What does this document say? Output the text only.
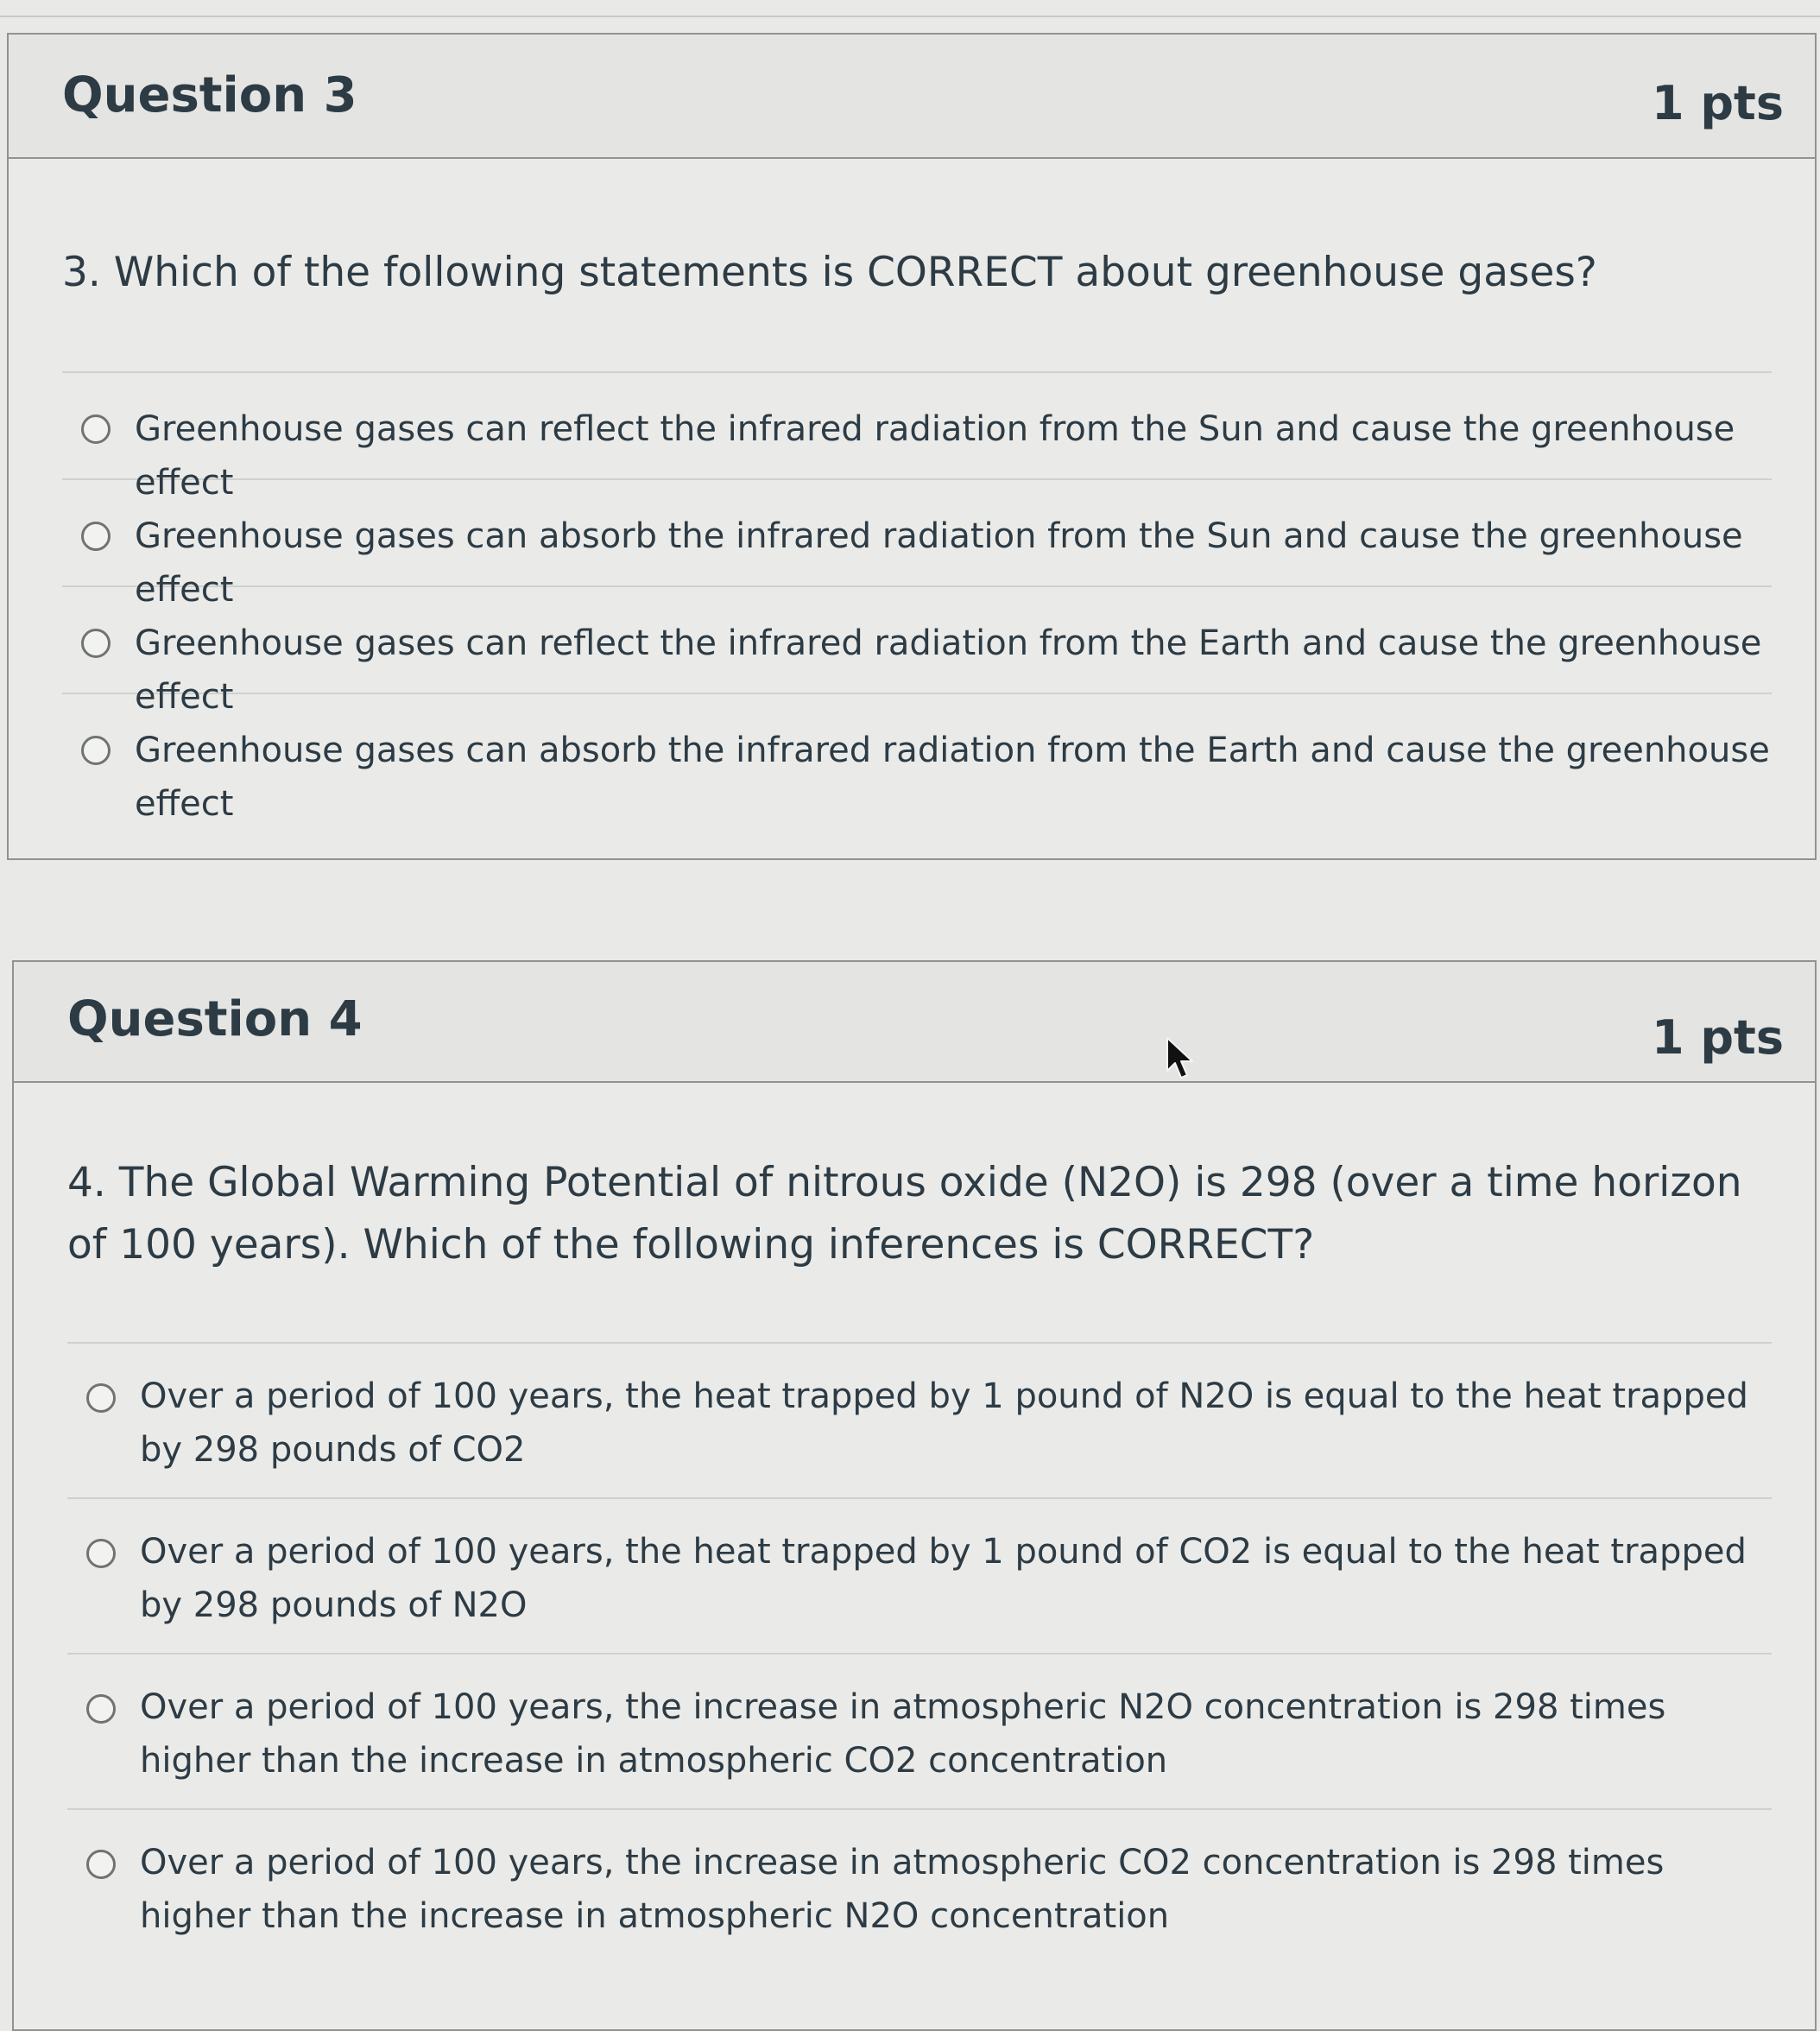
Question 3	1 pts
3. Which of the following statements is CORRECT about greenhouse gases?
Greenhouse gases can reflect the infrared radiation from the Sun and cause the greenhouse effect
Greenhouse gases can absorb the infrared radiation from the Sun and cause the greenhouse effect
Greenhouse gases can reflect the infrared radiation from the Earth and cause the greenhouse effect
Greenhouse gases can absorb the infrared radiation from the Earth and cause the greenhouse effect
Question 4	1 pts
4. The Global Warming Potential of nitrous oxide (N2O) is 298 (over a time horizon of 100 years). Which of the following inferences is CORRECT?
Over a period of 100 years, the heat trapped by 1 pound of N2O is equal to the heat trapped by 298 pounds of CO2
Over a period of 100 years, the heat trapped by 1 pound of CO2 is equal to the heat trapped by 298 pounds of N2O
Over a period of 100 years, the increase in atmospheric N2O concentration is 298 times higher than the increase in atmospheric CO2 concentration
Over a period of 100 years, the increase in atmospheric CO2 concentration is 298 times higher than the increase in atmospheric N2O concentration
